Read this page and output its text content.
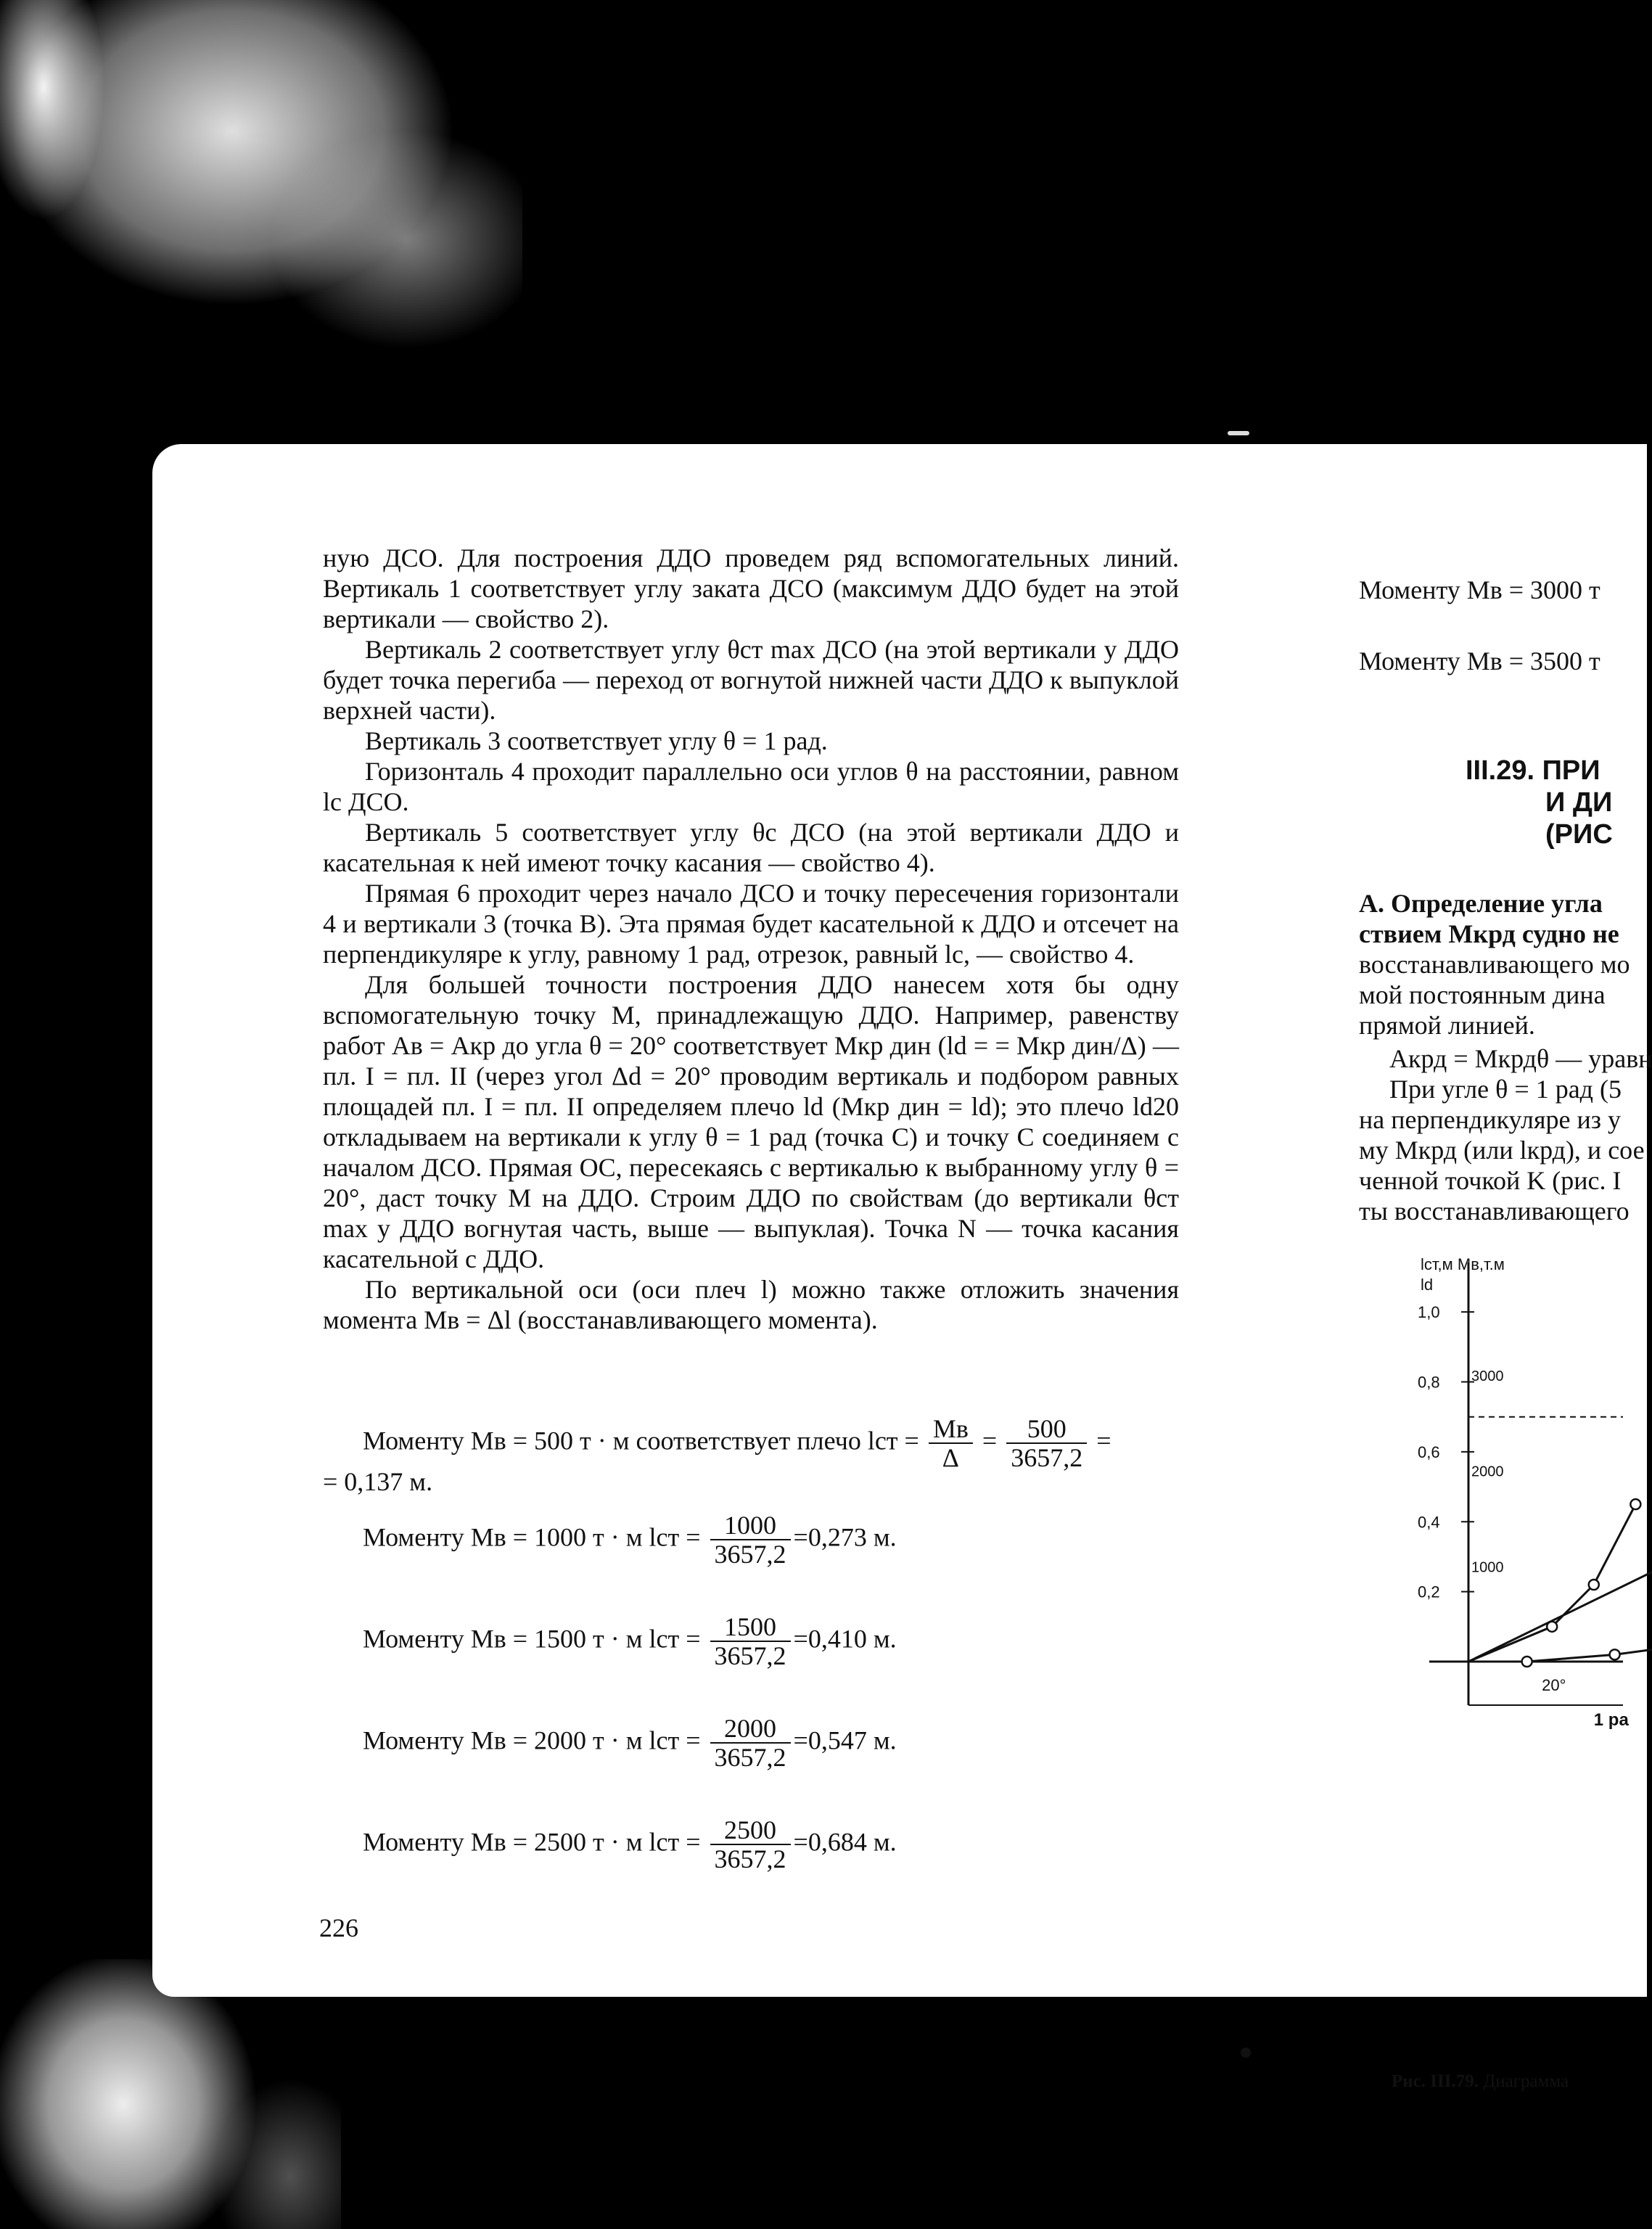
ную ДСО. Для построения ДДО проведем ряд вспомогательных линий. Вертикаль 1 соответствует углу заката ДСО (максимум ДДО будет на этой вертикали — свойство 2).

Вертикаль 2 соответствует углу θст max ДСО (на этой вертикали у ДДО будет точка перегиба — переход от вогнутой нижней части ДДО к выпуклой верхней части).

Вертикаль 3 соответствует углу θ = 1 рад.

Горизонталь 4 проходит параллельно оси углов θ на расстоянии, равном lc ДСО.

Вертикаль 5 соответствует углу θc ДСО (на этой вертикали ДДО и касательная к ней имеют точку касания — свойство 4).

Прямая 6 проходит через начало ДСО и точку пересечения горизонтали 4 и вертикали 3 (точка B). Эта прямая будет касательной к ДДО и отсечет на перпендикуляре к углу, равному 1 рад, отрезок, равный lc, — свойство 4.

Для большей точности построения ДДО нанесем хотя бы одну вспомогательную точку M, принадлежащую ДДО. Например, равенству работ Aв = Aкр до угла θ = 20° соответствует Mкр дин (ld = = Mкр дин/Δ) — пл. I = пл. II (через угол Δd = 20° проводим вертикаль и подбором равных площадей пл. I = пл. II определяем плечо ld (Mкр дин = ld); это плечо ld20 откладываем на вертикали к углу θ = 1 рад (точка C) и точку C соединяем с началом ДСО. Прямая OC, пересекаясь с вертикалью к выбранному углу θ = 20°, даст точку M на ДДО. Строим ДДО по свойствам (до вертикали θст max у ДДО вогнутая часть, выше — выпуклая). Точка N — точка касания касательной с ДДО.

По вертикальной оси (оси плеч l) можно также отложить значения момента Mв = Δl (восстанавливающего момента).

Моменту Mв = 500 т · м соответствует плечо lст = $\frac{Mв}{\Delta} = \frac{500}{3657,2}$ =
= 0,137 м.
Моменту Mв = 1000 т · м lст = $\frac{1000}{3657,2} =0,273$ м.
Моменту Mв = 1500 т · м lст = $\frac{1500}{3657,2} =0,410$ м.
Моменту Mв = 2000 т · м lст = $\frac{2000}{3657,2} =0,547$ м.
Моменту Mв = 2500 т · м lст = $\frac{2500}{3657,2} =0,684$ м.
226
Моменту Mв = 3000 т
Моменту Mв = 3500 т
III.29. ПРИ
И ДИ
(РИС
А. Определение угла
ствием Mкрд судно не
восстанавливающего мо
мой постоянным дина
прямой линией.
Aкрд = Mкрдθ — уравн
При угле θ = 1 рад (5
на перпендикуляре из у
му Mкрд (или lкрд), и сое
ченной точкой K (рис. I
ты восстанавливающего
lст,м Mв,т.м
ld
1,0
0,8
0,6
0,4
0,2
3000
2000
1000
20°
1 ра
Рис. III.79. Диаграмма
